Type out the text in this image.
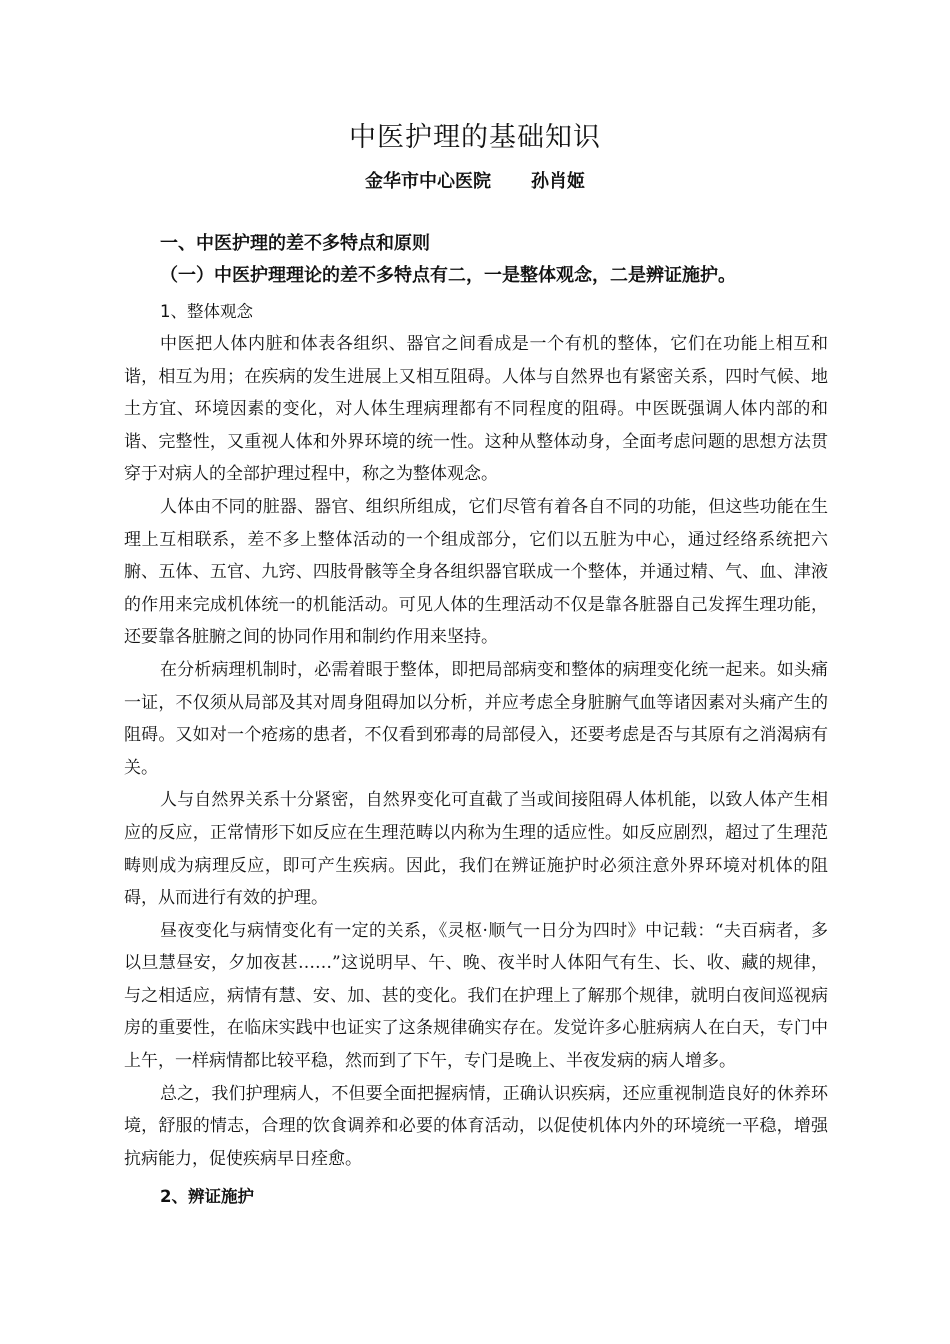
中医护理的基础知识
金华市中心医院 孙肖姬
一、中医护理的差不多特点和原则
（一）中医护理理论的差不多特点有二，一是整体观念，二是辨证施护。
1、整体观念

中医把人体内脏和体表各组织、器官之间看成是一个有机的整体，它们在功能上相互和谐，相互为用；在疾病的发生进展上又相互阻碍。人体与自然界也有紧密关系，四时气候、地土方宜、环境因素的变化，对人体生理病理都有不同程度的阻碍。中医既强调人体内部的和谐、完整性，又重视人体和外界环境的统一性。这种从整体动身，全面考虑问题的思想方法贯穿于对病人的全部护理过程中，称之为整体观念。

人体由不同的脏器、器官、组织所组成，它们尽管有着各自不同的功能，但这些功能在生理上互相联系，差不多上整体活动的一个组成部分，它们以五脏为中心，通过经络系统把六腑、五体、五官、九窍、四肢骨骸等全身各组织器官联成一个整体，并通过精、气、血、津液的作用来完成机体统一的机能活动。可见人体的生理活动不仅是靠各脏器自己发挥生理功能，还要靠各脏腑之间的协同作用和制约作用来坚持。

在分析病理机制时，必需着眼于整体，即把局部病变和整体的病理变化统一起来。如头痛一证，不仅须从局部及其对周身阻碍加以分析，并应考虑全身脏腑气血等诸因素对头痛产生的阻碍。又如对一个疮疡的患者，不仅看到邪毒的局部侵入，还要考虑是否与其原有之消渴病有关。

人与自然界关系十分紧密，自然界变化可直截了当或间接阻碍人体机能，以致人体产生相应的反应，正常情形下如反应在生理范畴以内称为生理的适应性。如反应剧烈，超过了生理范畴则成为病理反应，即可产生疾病。因此，我们在辨证施护时必须注意外界环境对机体的阻碍，从而进行有效的护理。

昼夜变化与病情变化有一定的关系，《灵枢·顺气一日分为四时》中记载：“夫百病者，多以旦慧昼安，夕加夜甚……”这说明早、午、晚、夜半时人体阳气有生、长、收、藏的规律，与之相适应，病情有慧、安、加、甚的变化。我们在护理上了解那个规律，就明白夜间巡视病房的重要性，在临床实践中也证实了这条规律确实存在。发觉许多心脏病病人在白天，专门中上午，一样病情都比较平稳，然而到了下午，专门是晚上、半夜发病的病人增多。

总之，我们护理病人，不但要全面把握病情，正确认识疾病，还应重视制造良好的休养环境，舒服的情志，合理的饮食调养和必要的体育活动，以促使机体内外的环境统一平稳，增强抗病能力，促使疾病早日痊愈。

2、辨证施护
